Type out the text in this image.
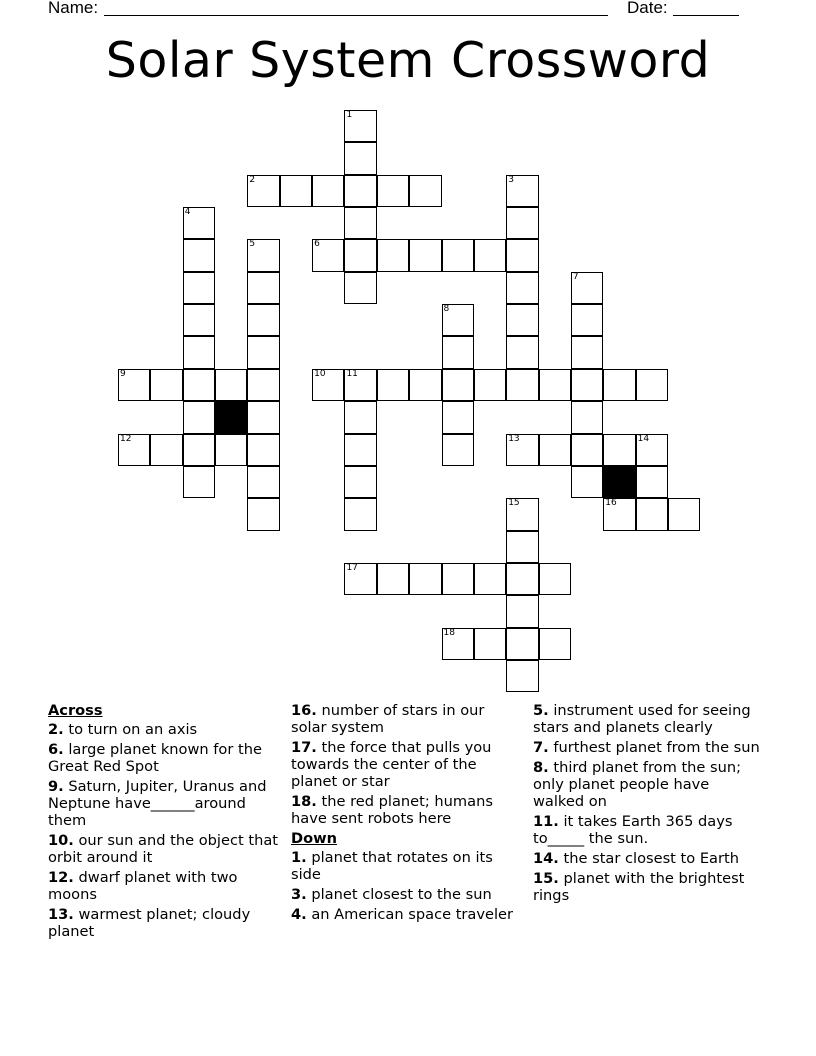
Name:	Date:
Solar System Crossword
2
6
9	10 11
12	13	14
16
17
18
1
3
4
5
7
8
15
Across
2. to turn on an axis
6. large planet known for the Great Red Spot
9. Saturn, Jupiter, Uranus and Neptune have______around them
10. our sun and the object that orbit around it
12. dwarf planet with two moons
13. warmest planet; cloudy planet
16. number of stars in our solar system
17. the force that pulls you towards the center of the planet or star
18. the red planet; humans have sent robots here
Down
1. planet that rotates on its side
3. planet closest to the sun
4. an American space traveler
5. instrument used for seeing stars and planets clearly
7. furthest planet from the sun
8. third planet from the sun; only planet people have walked on
11. it takes Earth 365 days to_____ the sun.
14. the star closest to Earth
15. planet with the brightest rings
